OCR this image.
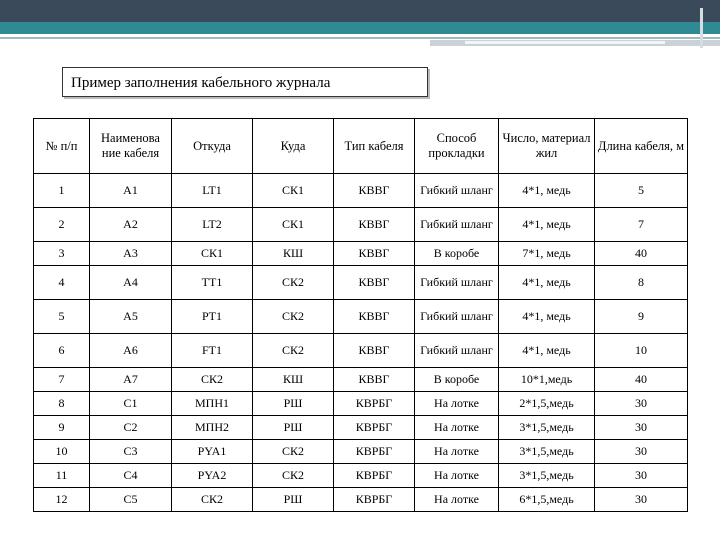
Пример заполнения кабельного журнала
№ п/п	Наименова ние кабеля	Откуда	Куда	Тип кабеля	Способ прокладки	Число, материал жил	Длина кабеля, м
1	A1	LT1	СК1	КВВГ	Гибкий шланг	4*1, медь	5
2	A2	LT2	СК1	КВВГ	Гибкий шланг	4*1, медь	7
3	A3	СК1	КШ	КВВГ	В коробе	7*1, медь	40
4	A4	TT1	СК2	КВВГ	Гибкий шланг	4*1, медь	8
5	A5	PT1	СК2	КВВГ	Гибкий шланг	4*1, медь	9
6	A6	FT1	СК2	КВВГ	Гибкий шланг	4*1, медь	10
7	A7	СК2	КШ	КВВГ	В коробе	10*1,медь	40
8	C1	МПН1	РШ	КВРБГ	На лотке	2*1,5,медь	30
9	C2	МПН2	РШ	КВРБГ	На лотке	3*1,5,медь	30
10	C3	PYA1	СК2	КВРБГ	На лотке	3*1,5,медь	30
11	C4	PYA2	СК2	КВРБГ	На лотке	3*1,5,медь	30
12	C5	СК2	РШ	КВРБГ	На лотке	6*1,5,медь	30
